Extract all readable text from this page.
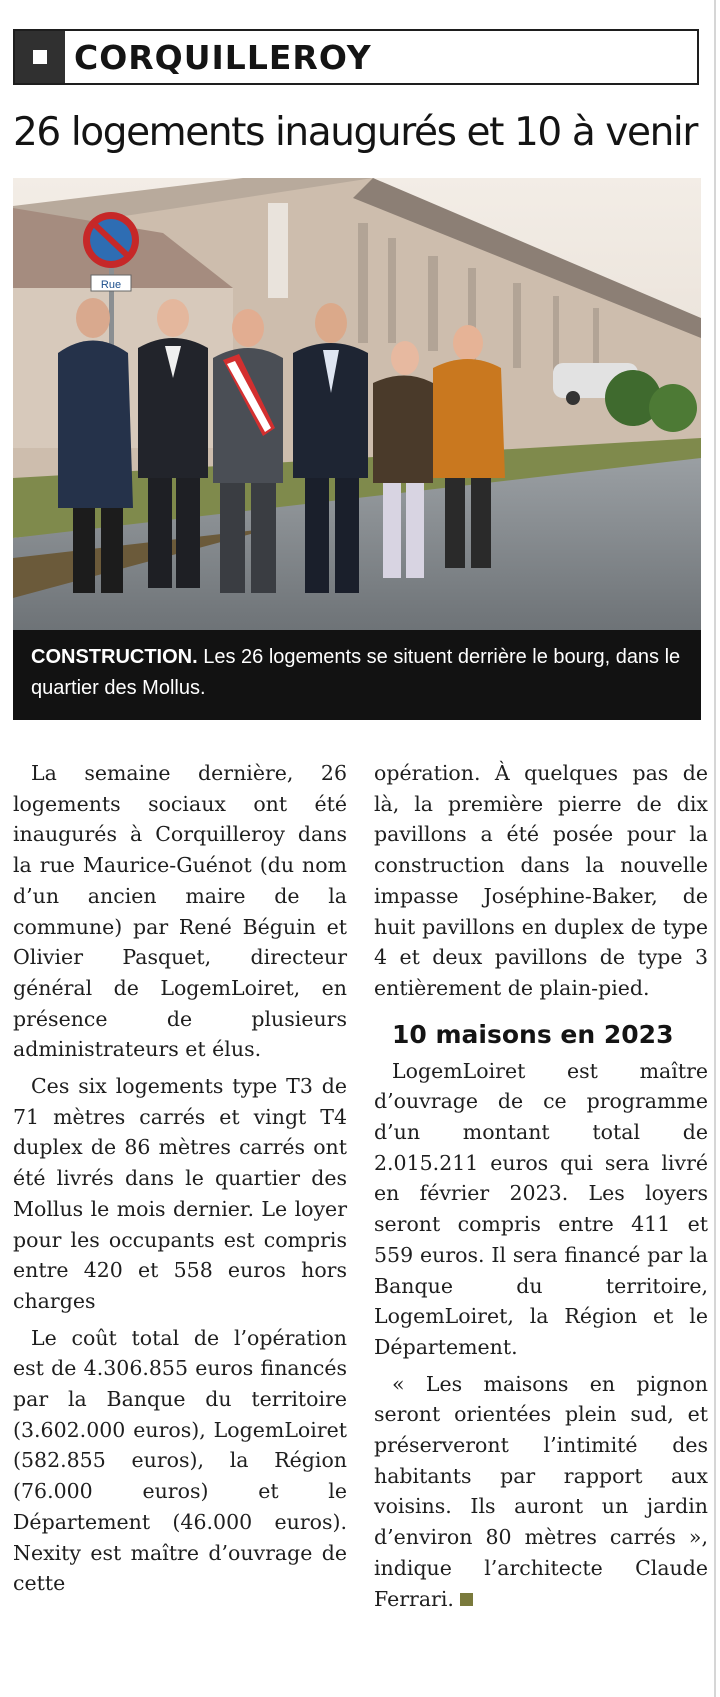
CORQUILLEROY
26 logements inaugurés et 10 à venir
Rue
CONSTRUCTION. Les 26 logements se situent derrière le bourg, dans le quartier des Mollus.

La semaine dernière, 26 logements sociaux ont été inaugurés à Corquilleroy dans la rue Maurice-Guénot (du nom d’un ancien maire de la commune) par René Béguin et Olivier Pasquet, directeur général de LogemLoiret, en présence de plusieurs administrateurs et élus.

Ces six logements type T3 de 71 mètres carrés et vingt T4 duplex de 86 mètres carrés ont été livrés dans le quartier des Mollus le mois dernier. Le loyer pour les occupants est compris entre 420 et 558 euros hors charges

Le coût total de l’opération est de 4.306.855 euros financés par la Banque du territoire (3.602.000 euros), LogemLoiret (582.855 euros), la Région (76.000 euros) et le Département (46.000 euros). Nexity est maître d’ouvrage de cette

opération. À quelques pas de là, la première pierre de dix pavillons a été posée pour la construction dans la nouvelle impasse Joséphine-Baker, de huit pavillons en duplex de type 4 et deux pavillons de type 3 entièrement de plain-pied.

10 maisons en 2023

LogemLoiret est maître d’ouvrage de ce programme d’un montant total de 2.015.211 euros qui sera livré en février 2023. Les loyers seront compris entre 411 et 559 euros. Il sera financé par la Banque du territoire, LogemLoiret, la Région et le Département.

« Les maisons en pignon seront orientées plein sud, et préserveront l’intimité des habitants par rapport aux voisins. Ils auront un jardin d’environ 80 mètres carrés », indique l’architecte Claude Ferrari.
